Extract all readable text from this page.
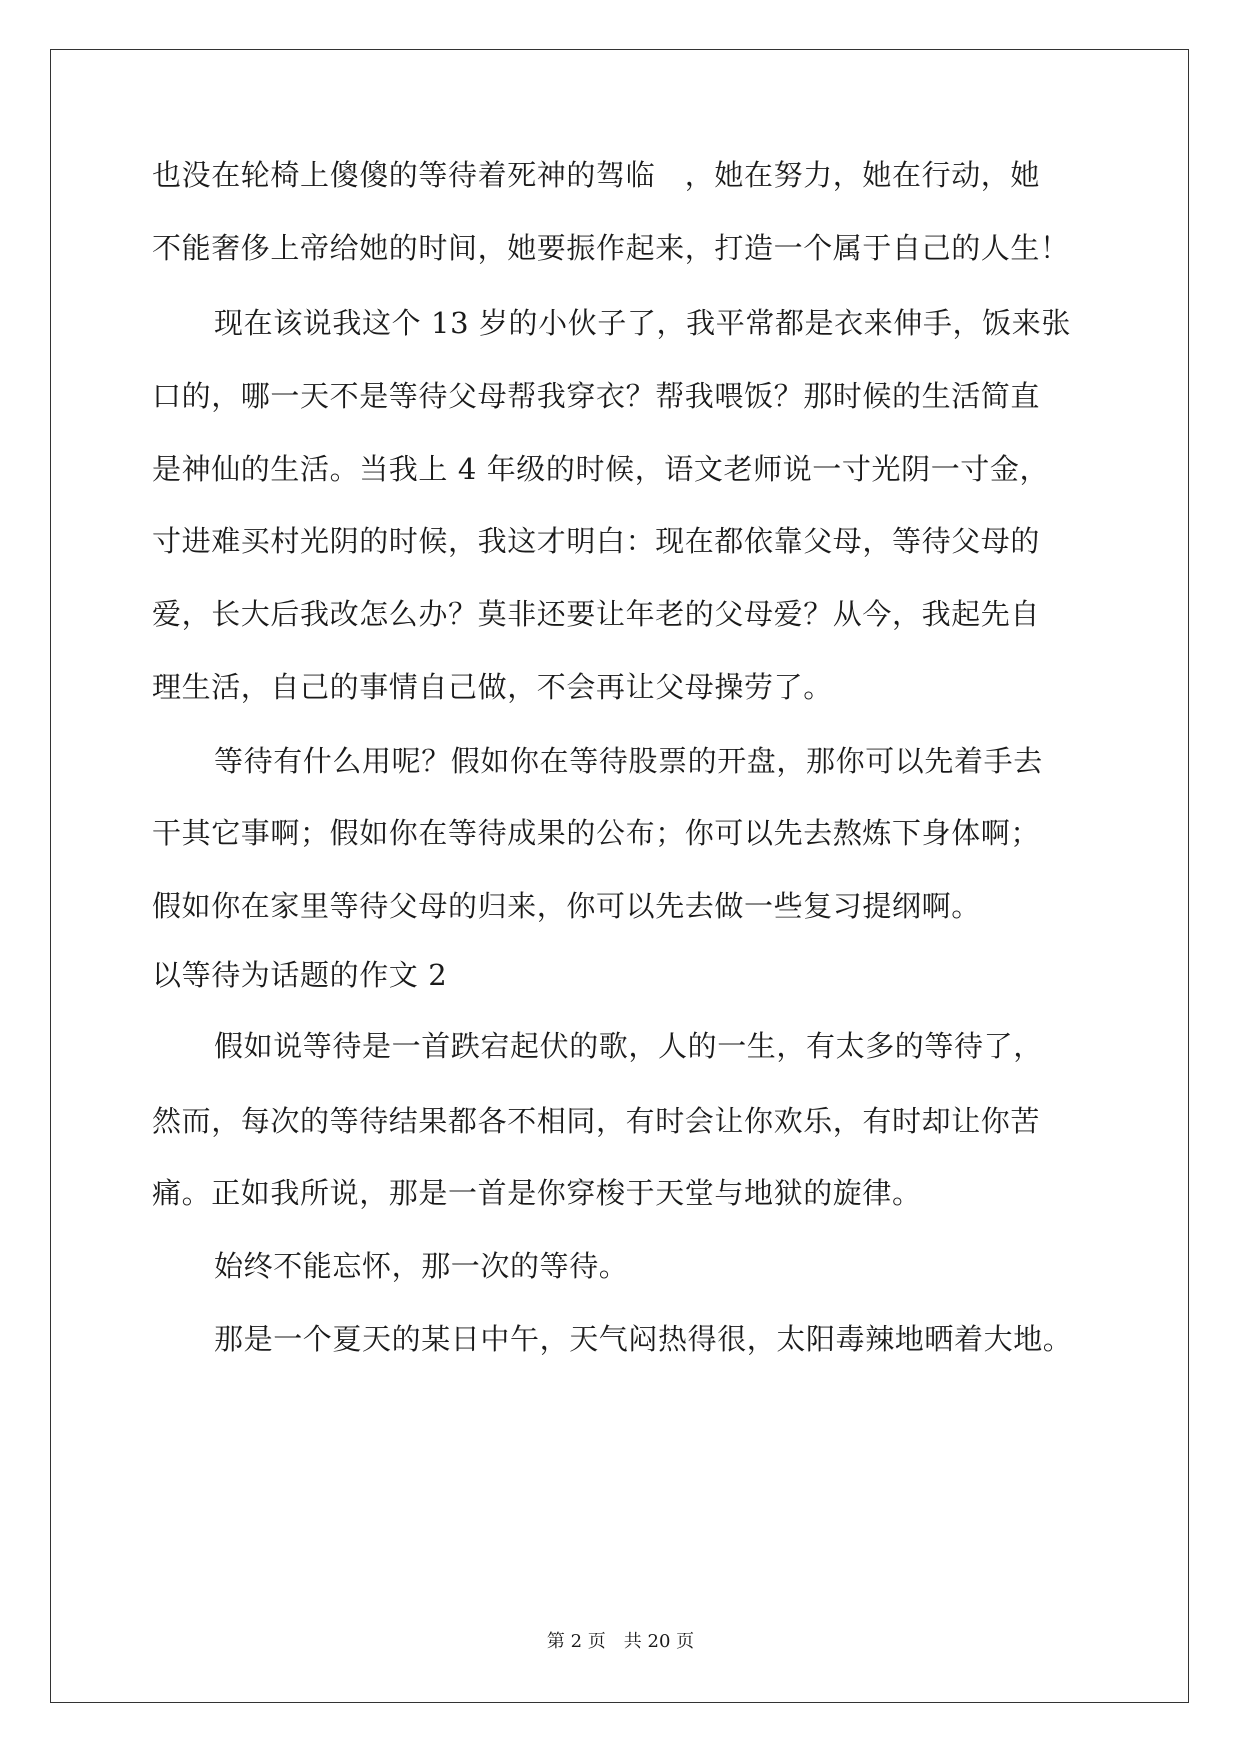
也没在轮椅上傻傻的等待着死神的驾临　，她在努力，她在行动，她
不能奢侈上帝给她的时间，她要振作起来，打造一个属于自己的人生！
现在该说我这个 13 岁的小伙子了，我平常都是衣来伸手，饭来张
口的，哪一天不是等待父母帮我穿衣？帮我喂饭？那时候的生活简直
是神仙的生活。当我上 4 年级的时候，语文老师说一寸光阴一寸金，
寸进难买村光阴的时候，我这才明白：现在都依靠父母，等待父母的
爱，长大后我改怎么办？莫非还要让年老的父母爱？从今，我起先自
理生活，自己的事情自己做，不会再让父母操劳了。
等待有什么用呢？假如你在等待股票的开盘，那你可以先着手去
干其它事啊；假如你在等待成果的公布；你可以先去熬炼下身体啊；
假如你在家里等待父母的归来，你可以先去做一些复习提纲啊。
以等待为话题的作文 2
假如说等待是一首跌宕起伏的歌，人的一生，有太多的等待了，
然而，每次的等待结果都各不相同，有时会让你欢乐，有时却让你苦
痛。正如我所说，那是一首是你穿梭于天堂与地狱的旋律。
始终不能忘怀，那一次的等待。
那是一个夏天的某日中午，天气闷热得很，太阳毒辣地晒着大地。
第 2 页 共 20 页
